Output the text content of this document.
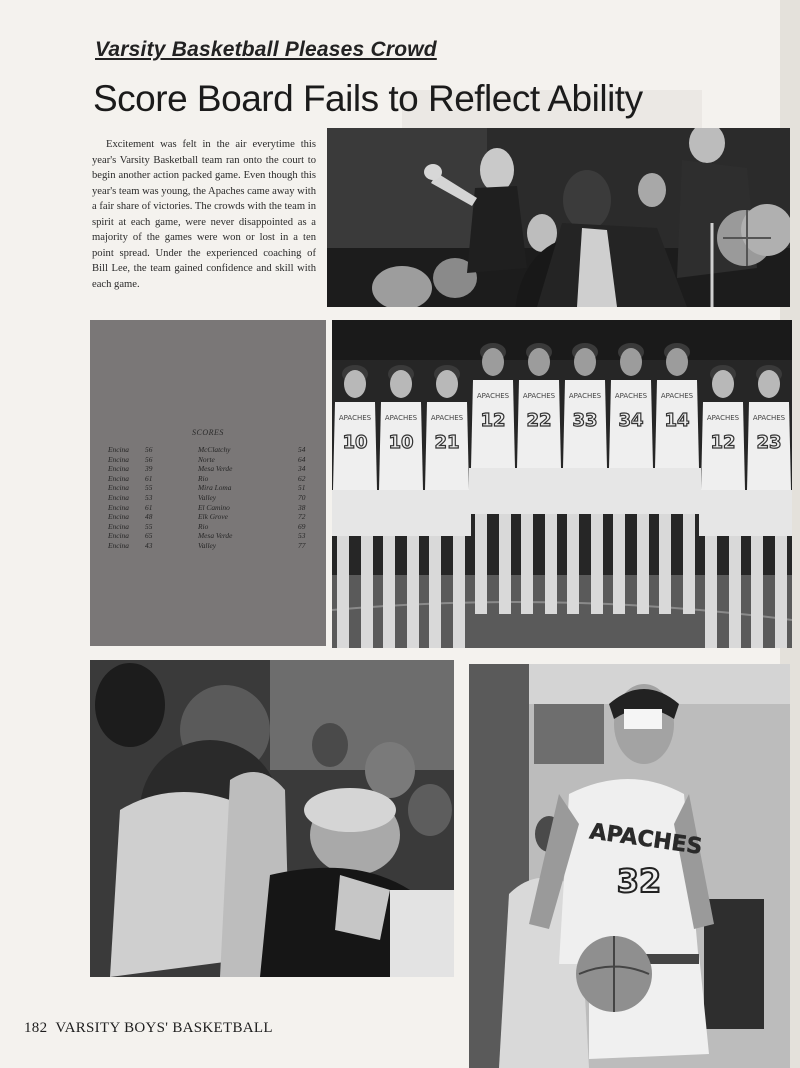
Varsity Basketball Pleases Crowd
Score Board Fails to Reflect Ability

Excitement was felt in the air everytime this year's Varsity Basketball team ran onto the court to begin another action packed game. Even though this year's team was young, the Apaches came away with a fair share of victories. The crowds with the team in spirit at each game, were never disappointed as a majority of the games were won or lost in a ten point spread. Under the experienced coaching of Bill Lee, the team gained confidence and skill with each game.

SCORES
Encina	56	McClatchy	54
Encina	56	Norte	64
Encina	39	Mesa Verde	34
Encina	61	Rio	62
Encina	55	Mira Loma	51
Encina	53	Valley	70
Encina	61	El Camino	38
Encina	48	Elk Grove	72
Encina	55	Rio	69
Encina	65	Mesa Verde	53
Encina	43	Valley	77
APACHES
10
APACHES
10
APACHES
21
APACHES
12
APACHES
22
APACHES
33
APACHES
34
APACHES
14 APACHES
12
APACHES
23
APACHES
32

182 VARSITY BOYS' BASKETBALL
